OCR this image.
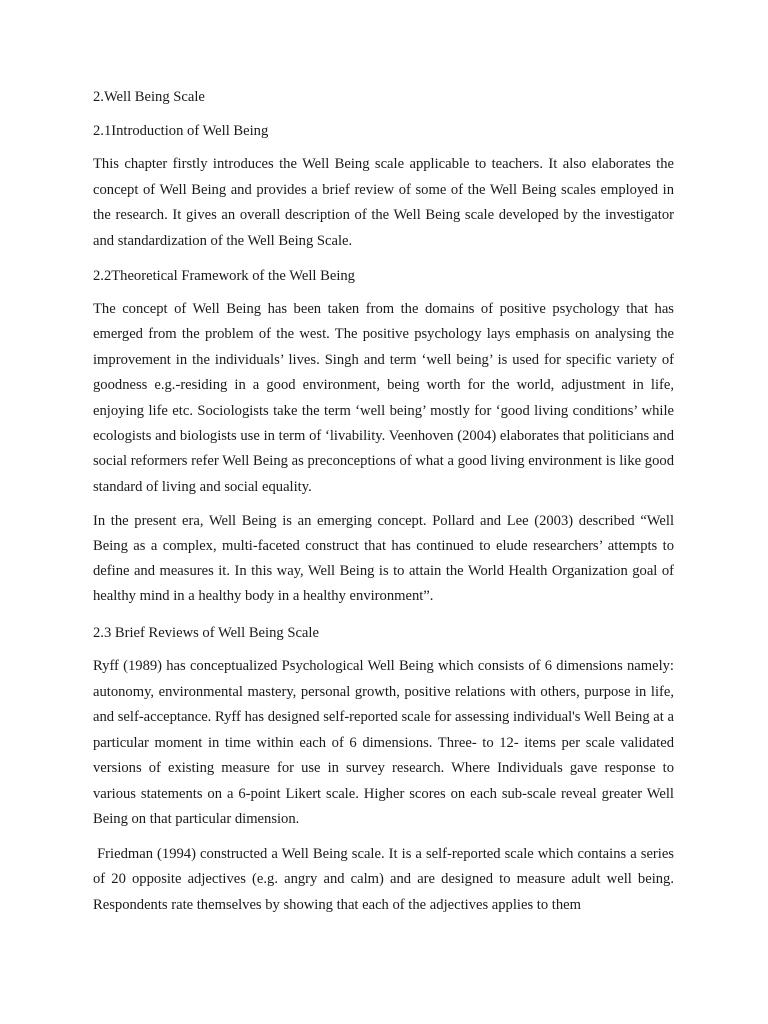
2.Well Being Scale
2.1Introduction of Well Being

This chapter firstly introduces the Well Being scale applicable to teachers. It also elaborates the concept of Well Being and provides a brief review of some of the Well Being scales employed in the research. It gives an overall description of the Well Being scale developed by the investigator and standardization of the Well Being Scale.

2.2Theoretical Framework of the Well Being

The concept of Well Being has been taken from the domains of positive psychology that has emerged from the problem of the west. The positive psychology lays emphasis on analysing the improvement in the individuals’ lives. Singh and term ‘well being’ is used for specific variety of goodness e.g.-residing in a good environment, being worth for the world, adjustment in life, enjoying life etc. Sociologists take the term ‘well being’ mostly for ‘good living conditions’ while ecologists and biologists use in term of ‘livability. Veenhoven (2004) elaborates that politicians and social reformers refer Well Being as preconceptions of what a good living environment is like good standard of living and social equality.

In the present era, Well Being is an emerging concept. Pollard and Lee (2003) described “Well Being as a complex, multi-faceted construct that has continued to elude researchers’ attempts to define and measures it. In this way, Well Being is to attain the World Health Organization goal of healthy mind in a healthy body in a healthy environment”.

2.3 Brief Reviews of Well Being Scale

Ryff (1989) has conceptualized Psychological Well Being which consists of 6 dimensions namely: autonomy, environmental mastery, personal growth, positive relations with others, purpose in life, and self-acceptance. Ryff has designed self-reported scale for assessing individual's Well Being at a particular moment in time within each of 6 dimensions. Three- to 12- items per scale validated versions of existing measure for use in survey research. Where Individuals gave response to various statements on a 6-point Likert scale. Higher scores on each sub-scale reveal greater Well Being on that particular dimension.

Friedman (1994) constructed a Well Being scale. It is a self-reported scale which contains a series of 20 opposite adjectives (e.g. angry and calm) and are designed to measure adult well being. Respondents rate themselves by showing that each of the adjectives applies to them
